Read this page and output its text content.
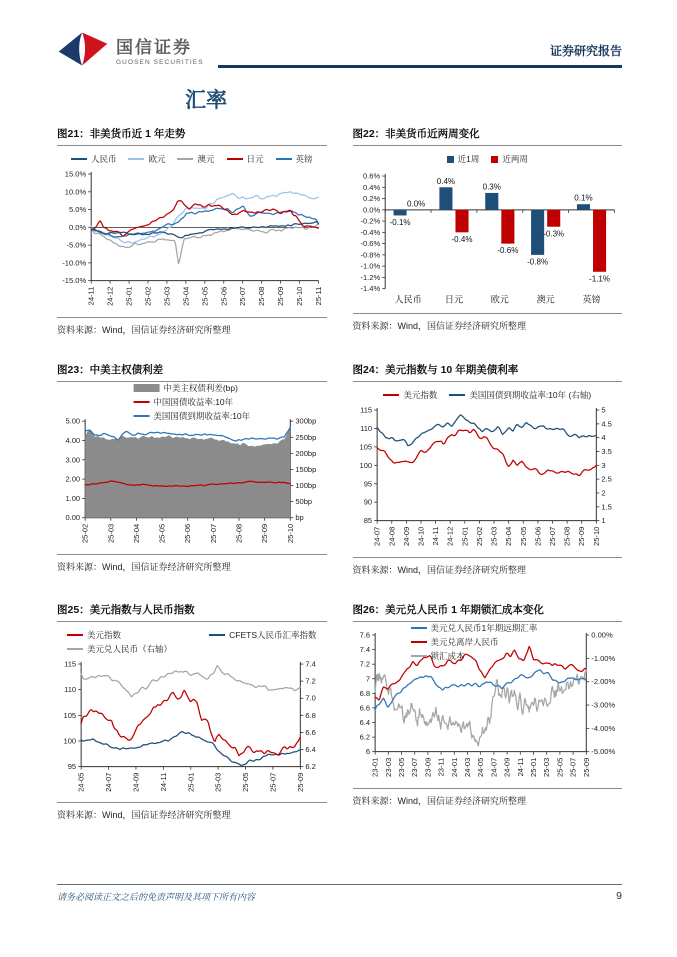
国信证券
GUOSEN SECURITIES
证券研究报告
汇率
图21：非美货币近 1 年走势
人民币	欧元	澳元	日元	英镑
15.0%
10.0%
5.0%
0.0%
-5.0%
-10.0%
-15.0%
24-11 24-12 25-01 25-02 25-03 25-04 25-05 25-06 25-07 25-08 25-09 25-10 25-11
资料来源：Wind，国信证券经济研究所整理
图22：非美货币近两周变化
近1周	近两周
0.6%
0.4%
0.2%
0.0%
-0.2%
-0.4%
-0.6%
-0.8%
-1.0%
-1.2%
-1.4%
人民币
-0.1%
0.0%
日元
0.4%
-0.4%
欧元
0.3%
-0.6%
澳元
-0.8%
-0.3%
英镑
0.1%
-1.1%
资料来源：Wind，国信证券经济研究所整理
图23：中美主权债利差
中美主权债利差(bp)
中国国债收益率:10年
美国国债到期收益率:10年
5.00
4.00
3.00
2.00
1.00
0.00
300bp
250bp
200bp
150bp
100bp
50bp
bp
25-02 25-03 25-04 25-05 25-06 25-07 25-08 25-09 25-10
资料来源：Wind，国信证券经济研究所整理
图24：美元指数与 10 年期美债利率
美元指数	美国国债到期收益率:10年 (右轴)
115
110
105
100
95
90
85
5
4.5
4
3.5
3
2.5
2
1.5
1
24-07 24-08 24-09 24-10 24-11 24-12 25-01 25-02 25-03 25-04 25-05 25-06 25-07 25-08 25-09 25-10
资料来源：Wind，国信证券经济研究所整理
图25：美元指数与人民币指数
美元指数	CFETS人民币汇率指数
美元兑人民币（右轴）
115
110
105
100
95
7.4
7.2
7.0
6.8
6.6
6.4
6.2
24-05 24-07 24-09 24-11 25-01 25-03 25-05 25-07 25-09
资料来源：Wind，国信证券经济研究所整理
图26：美元兑人民币 1 年期锁汇成本变化
美元兑人民币1年期远期汇率
美元兑离岸人民币
锁汇成本
7.6
7.4
7.2
7
6.8
6.6
6.4
6.2
6
0.00%
-1.00%
-2.00%
-3.00%
-4.00%
-5.00%
23-01 23-03 23-05 23-07 23-09 23-11 24-01 24-03 24-05 24-07 24-09 24-11 25-01 25-03 25-05 25-07 25-09
资料来源：Wind，国信证券经济研究所整理
请务必阅读正文之后的免责声明及其项下所有内容	9
